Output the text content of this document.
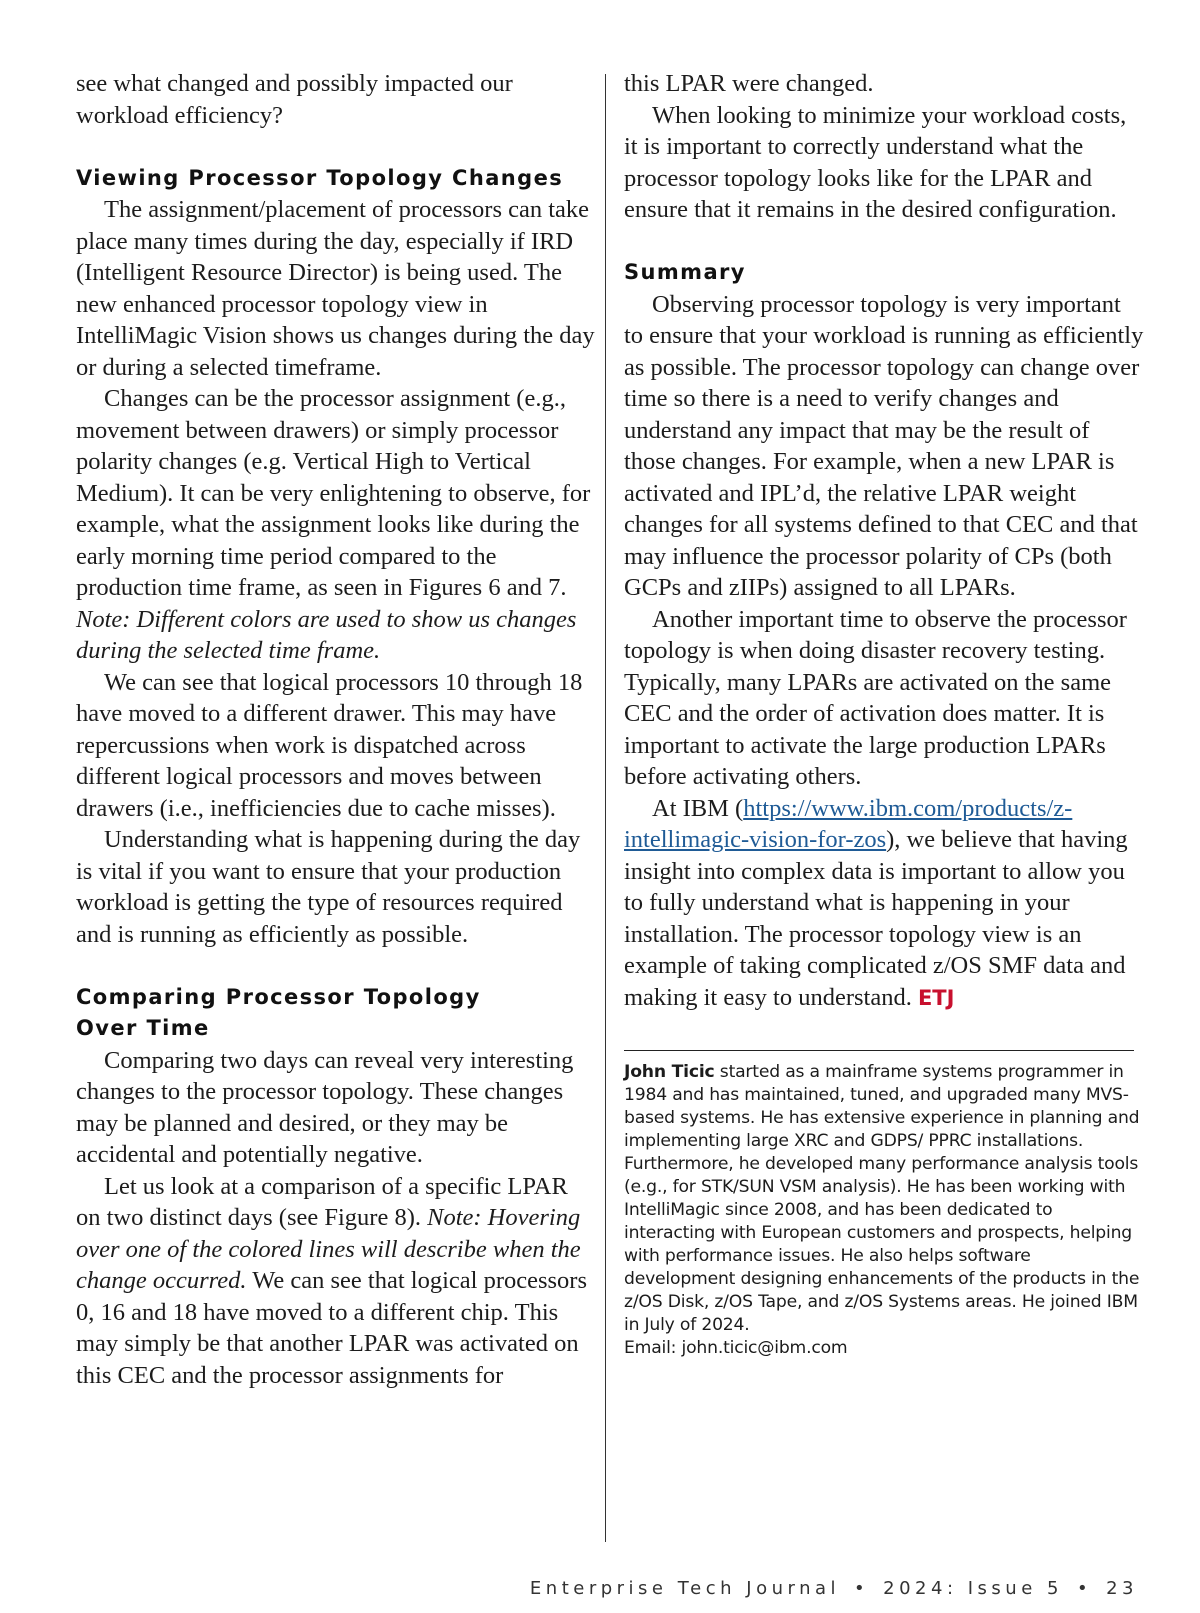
see what changed and possibly impacted our workload efficiency?

Viewing Processor Topology Changes

The assignment/placement of processors can take place many times during the day, especially if IRD (Intelligent Resource Director) is being used. The new enhanced processor topology view in IntelliMagic Vision shows us changes during the day or during a selected timeframe.

Changes can be the processor assignment (e.g., movement between drawers) or simply processor polarity changes (e.g. Vertical High to Vertical Medium). It can be very enlightening to observe, for example, what the assignment looks like during the early morning time period compared to the production time frame, as seen in Figures 6 and 7. Note: Different colors are used to show us changes during the selected time frame.

We can see that logical processors 10 through 18 have moved to a different drawer. This may have repercussions when work is dispatched across different logical processors and moves between drawers (i.e., inefficiencies due to cache misses).

Understanding what is happening during the day is vital if you want to ensure that your production workload is getting the type of resources required and is running as efficiently as possible.

Comparing Processor Topology
Over Time

Comparing two days can reveal very interesting changes to the processor topology. These changes may be planned and desired, or they may be accidental and potentially negative.

Let us look at a comparison of a specific LPAR on two distinct days (see Figure 8). Note: Hovering over one of the colored lines will describe when the change occurred. We can see that logical processors 0, 16 and 18 have moved to a different chip. This may simply be that another LPAR was activated on this CEC and the processor assignments for

this LPAR were changed.

When looking to minimize your workload costs, it is important to correctly understand what the processor topology looks like for the LPAR and ensure that it remains in the desired configuration.

Summary

Observing processor topology is very important to ensure that your workload is running as efficiently as possible. The processor topology can change over time so there is a need to verify changes and understand any impact that may be the result of those changes. For example, when a new LPAR is activated and IPL’d, the relative LPAR weight changes for all systems defined to that CEC and that may influence the processor polarity of CPs (both GCPs and zIIPs) assigned to all LPARs.

Another important time to observe the processor topology is when doing disaster recovery testing. Typically, many LPARs are activated on the same CEC and the order of activation does matter. It is important to activate the large production LPARs before activating others.

At IBM (https://www.ibm.com/products/z-intellimagic-vision-for-zos), we believe that having insight into complex data is important to allow you to fully understand what is happening in your installation. The processor topology view is an example of taking complicated z/OS SMF data and making it easy to understand. ETJ

John Ticic started as a mainframe systems programmer in 1984 and has maintained, tuned, and upgraded many MVS-based systems. He has extensive experience in planning and implementing large XRC and GDPS/ PPRC installations. Furthermore, he developed many performance analysis tools (e.g., for STK/SUN VSM analysis). He has been working with IntelliMagic since 2008, and has been dedicated to interacting with European customers and prospects, helping with performance issues. He also helps software development designing enhancements of the products in the z/OS Disk, z/OS Tape, and z/OS Systems areas. He joined IBM in July of 2024.
Email: john.ticic@ibm.com

Enterprise Tech Journal • 2024: Issue 5 • 23
